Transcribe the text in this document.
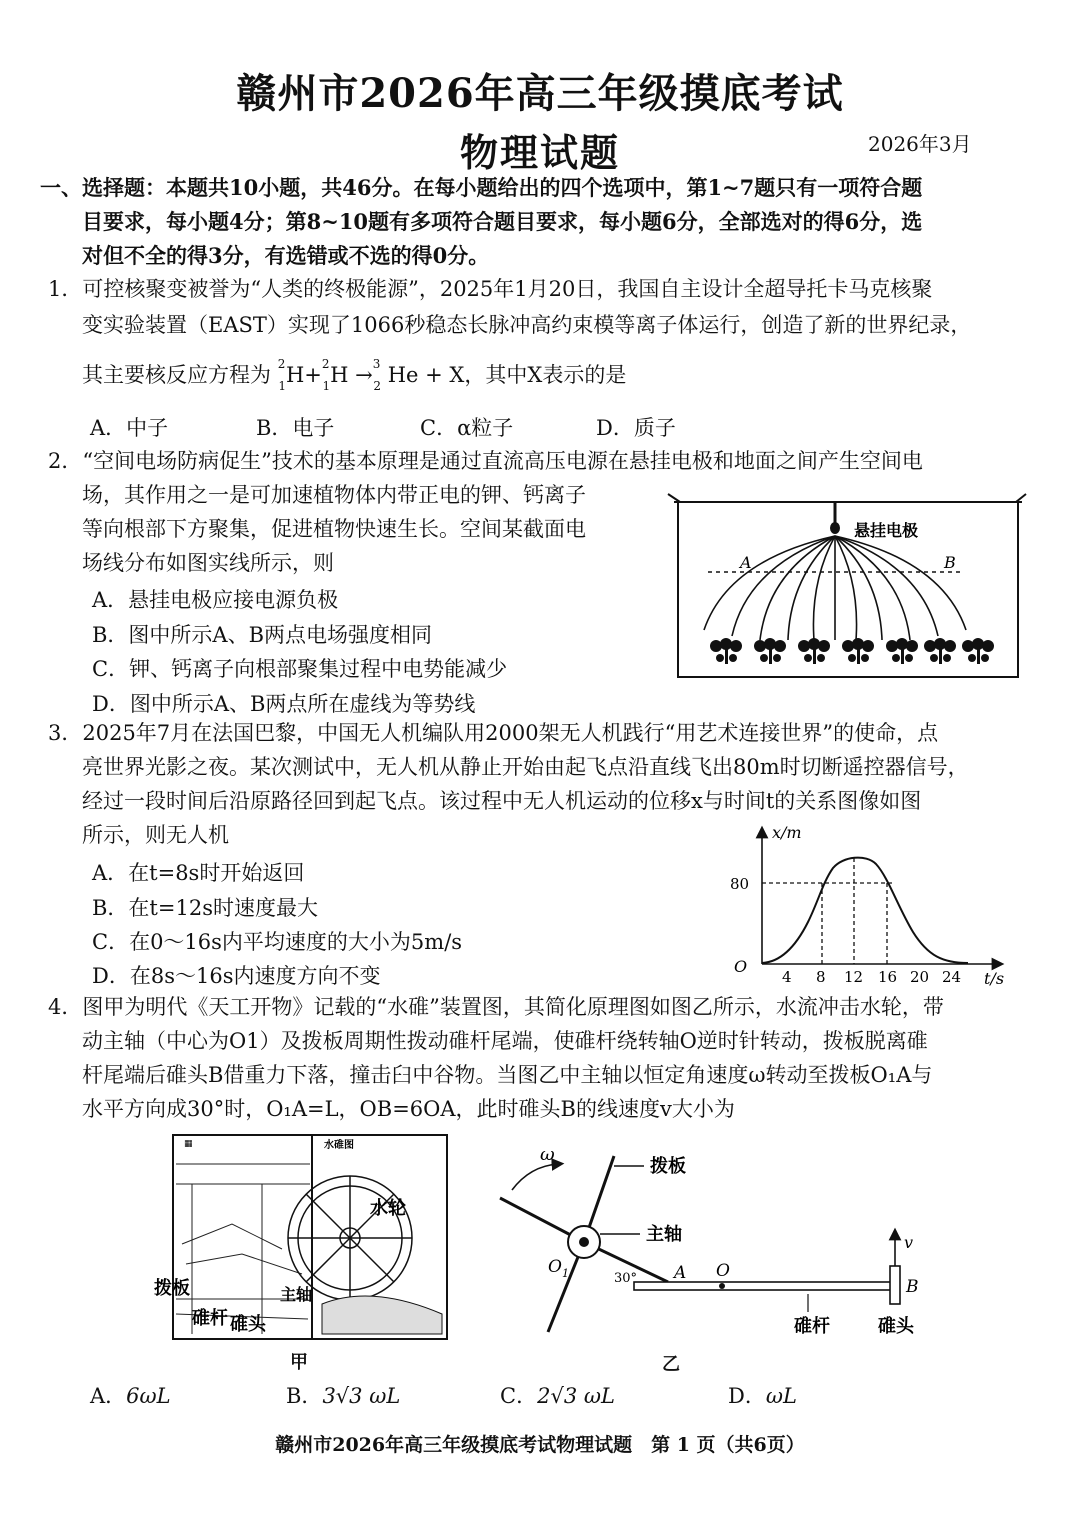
赣州市2026年高三年级摸底考试
物理试题	2026年3月
一、选择题：本题共10小题，共46分。在每小题给出的四个选项中，第1~7题只有一项符合题
目要求，每小题4分；第8~10题有多项符合题目要求，每小题6分，全部选对的得6分，选
对但不全的得3分，有选错或不选的得0分。
1．可控核聚变被誉为“人类的终极能源”，2025年1月20日，我国自主设计全超导托卡马克核聚
变实验装置（EAST）实现了1066秒稳态长脉冲高约束模等离子体运行，创造了新的世界纪录，
其主要核反应方程为 $^2$1H+$^2$1H →$^3$2 He + X，其中X表示的是
A．中子	B．电子	C．α粒子	D．质子
2．“空间电场防病促生”技术的基本原理是通过直流高压电源在悬挂电极和地面之间产生空间电
场，其作用之一是可加速植物体内带正电的钾、钙离子
等向根部下方聚集，促进植物快速生长。空间某截面电
场线分布如图实线所示，则
A．悬挂电极应接电源负极
B．图中所示A、B两点电场强度相同
C．钾、钙离子向根部聚集过程中电势能减少
D．图中所示A、B两点所在虚线为等势线
悬挂电极
A	B
3．2025年7月在法国巴黎，中国无人机编队用2000架无人机践行“用艺术连接世界”的使命，点
亮世界光影之夜。某次测试中，无人机从静止开始由起飞点沿直线飞出80m时切断遥控器信号，
经过一段时间后沿原路径回到起飞点。该过程中无人机运动的位移x与时间t的关系图像如图
所示，则无人机
A．在t=8s时开始返回
B．在t=12s时速度最大
C．在0～16s内平均速度的大小为5m/s
D．在8s～16s内速度方向不变
x/m
t/s
O
80
4 8 12 16 20 24
4．图甲为明代《天工开物》记载的“水碓”装置图，其简化原理图如图乙所示，水流冲击水轮，带
动主轴（中心为O1）及拨板周期性拨动碓杆尾端，使碓杆绕转轴O逆时针转动，拨板脱离碓
杆尾端后碓头B借重力下落，撞击臼中谷物。当图乙中主轴以恒定角速度ω转动至拨板O₁A与
水平方向成30°时，O₁A=L，OB=6OA，此时碓头B的线速度v大小为
▦	水碓图
水轮
拨板	主轴
碓杆 碓头
甲
ω
拨板
主轴
$O_1$	30° A O
v
B
碓杆	碓头
乙
A．6ωL	B．3√3 ωL	C．2√3 ωL	D．ωL
赣州市2026年高三年级摸底考试物理试题　第 1 页（共6页）
